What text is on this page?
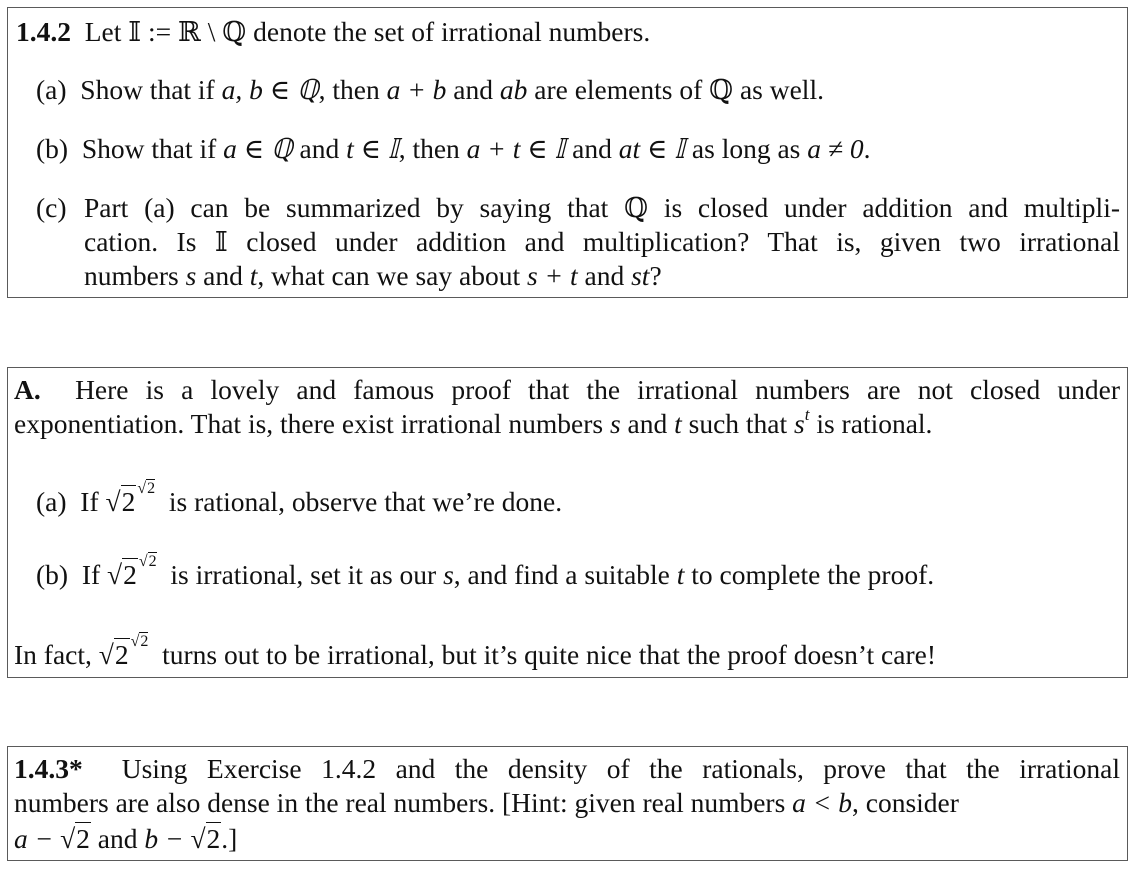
1.4.2 Let 𝕀 := ℝ \ ℚ denote the set of irrational numbers.
(a) Show that if a, b ∈ ℚ, then a + b and ab are elements of ℚ as well.
(b) Show that if a ∈ ℚ and t ∈ 𝕀, then a + t ∈ 𝕀 and at ∈ 𝕀 as long as a ≠ 0.
(c) Part (a) can be summarized by saying that ℚ is closed under addition and multipli-
cation. Is 𝕀 closed under addition and multiplication? That is, given two irrational
numbers s and t, what can we say about s + t and st?
A. Here is a lovely and famous proof that the irrational numbers are not closed under
exponentiation. That is, there exist irrational numbers s and t such that $s^t$ is rational.
(a) If √2 $^{√2}$  is rational, observe that we’re done.
(b) If √2 $^{√2}$  is irrational, set it as our s, and find a suitable t to complete the proof.
In fact, √2 $^{√2}$  turns out to be irrational, but it’s quite nice that the proof doesn’t care!
1.4.3* Using Exercise 1.4.2 and the density of the rationals, prove that the irrational
numbers are also dense in the real numbers. [Hint: given real numbers a < b, consider
a − √2 and b − √2.]
